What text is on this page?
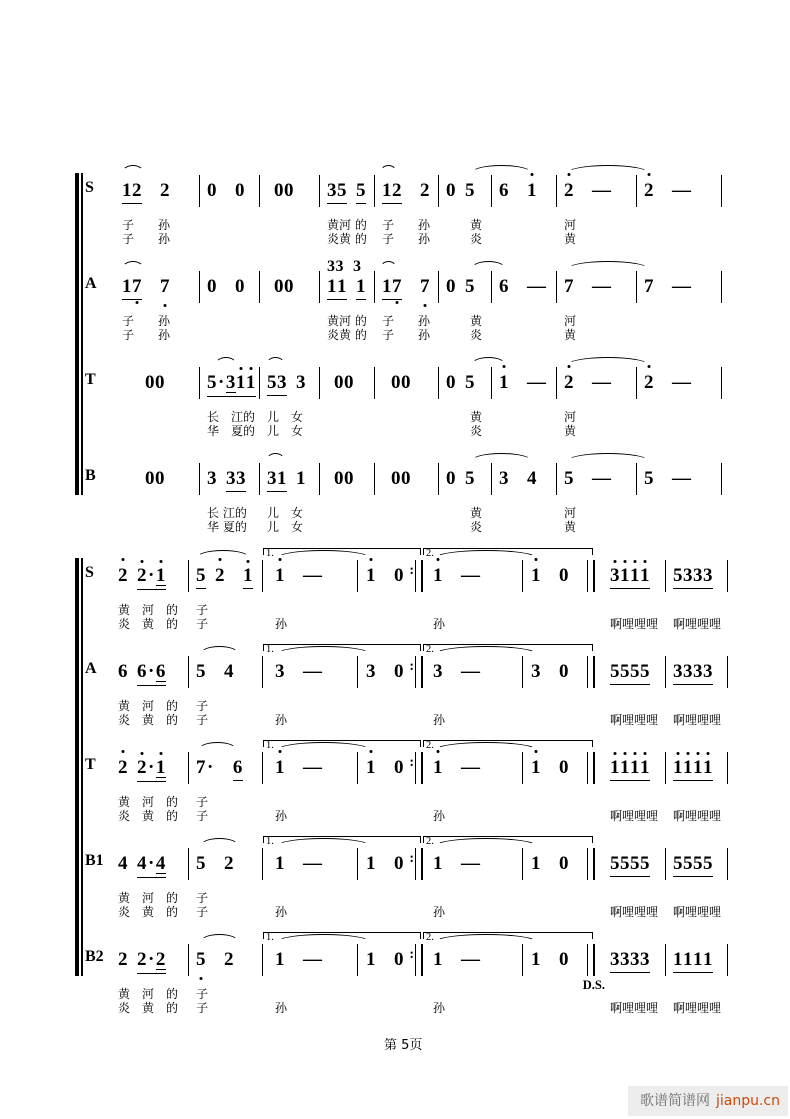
S	12 2
子　　孙
子　　孙
0 0	00	35 5
黄河 的
炎黄 的
12 2
子　　孙
子　　孙
0 5
　　黄
　　炎
6 1	2 —
河
黄
2 —
A	17 7
子　　孙
子　　孙
0 0	00
33 3
11 1
黄河 的
炎黄 的
17 7
子　　孙
子　　孙
0 5
　　黄
　　炎
6 — 7 —
河
黄
7 —
T	00	5·311
长　江的
华　夏的
53 3
儿　女
儿　女
00	00	0 5
　　黄
　　炎
1 — 2 —
河
黄
2 —
B	00	3 33
长 江的
华 夏的
31 1
儿　女
儿　女
00	00	0 5
　　黄
　　炎
3 4	5 —
河
黄
5 —
S	2 2·1
黄　河　的
炎　黄　的
5 2 1
子
子
1.
1 —
孙
1 0 :
2.
1 —
孙
1 0	3111
啊哩哩哩
5333
啊哩哩哩
A	6 6·6
黄　河　的
炎　黄　的
5 4
子
子
1.
3 —
孙
3 0 :
2.
3 —
孙
3 0	5555
啊哩哩哩
3333
啊哩哩哩
T	2 2·1
黄　河　的
炎　黄　的
7· 6
子
子
1.
1 —
孙
1 0 :
2.
1 —
孙
1 0	1111
啊哩哩哩
1111
啊哩哩哩
B1 4 4·4
黄　河　的
炎　黄　的
5 2
子
子
1.
1 —
孙
1 0 :
2.
1 —
孙
1 0	5555
啊哩哩哩
5555
啊哩哩哩
B2 2 2·2
黄　河　的
炎　黄　的
5 2
子
子
1.
1 —
孙
1 0 :
2.
1 —
孙
1 0
D.S.
3333
啊哩哩哩
1111
啊哩哩哩
第 5页
歌谱简谱网 jianpu.cn
